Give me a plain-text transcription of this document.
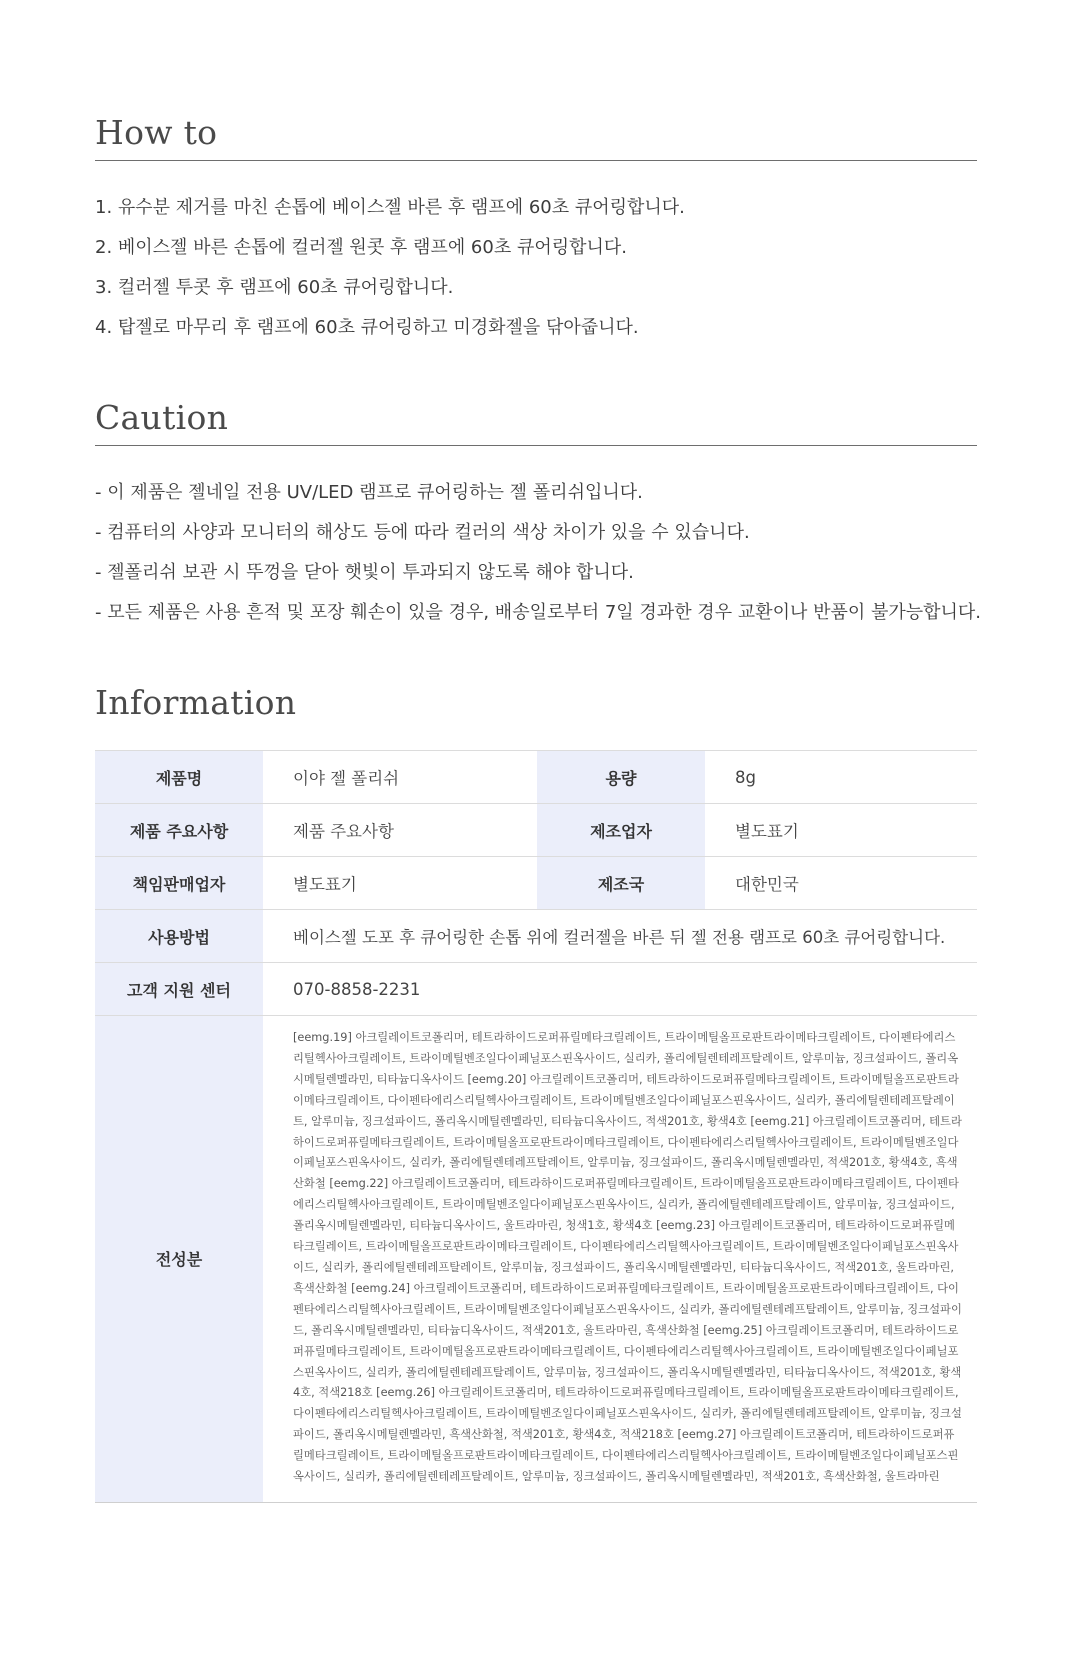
How to
1. 유수분 제거를 마친 손톱에 베이스젤 바른 후 램프에 60초 큐어링합니다.
2. 베이스젤 바른 손톱에 컬러젤 원콧 후 램프에 60초 큐어링합니다.
3. 컬러젤 투콧 후 램프에 60초 큐어링합니다.
4. 탑젤로 마무리 후 램프에 60초 큐어링하고 미경화젤을 닦아줍니다.
Caution
- 이 제품은 젤네일 전용 UV/LED 램프로 큐어링하는 젤 폴리쉬입니다.
- 컴퓨터의 사양과 모니터의 해상도 등에 따라 컬러의 색상 차이가 있을 수 있습니다.
- 젤폴리쉬 보관 시 뚜껑을 닫아 햇빛이 투과되지 않도록 해야 합니다.
- 모든 제품은 사용 흔적 및 포장 훼손이 있을 경우, 배송일로부터 7일 경과한 경우 교환이나 반품이 불가능합니다.
Information
제품명	이야 젤 폴리쉬	용량	8g
제품 주요사항	제품 주요사항	제조업자	별도표기
책임판매업자	별도표기	제조국	대한민국
사용방법	베이스젤 도포 후 큐어링한 손톱 위에 컬러젤을 바른 뒤 젤 전용 램프로 60초 큐어링합니다.		
고객 지원 센터	070-8858-2231		
전성분	[eemg.19] 아크릴레이트코폴리머, 테트라하이드로퍼퓨릴메타크릴레이트, 트라이메틸올프로판트라이메타크릴레이트, 다이펜타에리스리틸헥사아크릴레이트, 트라이메틸벤조일다이페닐포스핀옥사이드, 실리카, 폴리에틸렌테레프탈레이트, 알루미늄, 징크설파이드, 폴리옥시메틸렌멜라민, 티타늄디옥사이드 [eemg.20] 아크릴레이트코폴리머, 테트라하이드로퍼퓨릴메타크릴레이트, 트라이메틸올프로판트라이메타크릴레이트, 다이펜타에리스리틸헥사아크릴레이트, 트라이메틸벤조일다이페닐포스핀옥사이드, 실리카, 폴리에틸렌테레프탈레이트, 알루미늄, 징크설파이드, 폴리옥시메틸렌멜라민, 티타늄디옥사이드, 적색201호, 황색4호 [eemg.21] 아크릴레이트코폴리머, 테트라하이드로퍼퓨릴메타크릴레이트, 트라이메틸올프로판트라이메타크릴레이트, 다이펜타에리스리틸헥사아크릴레이트, 트라이메틸벤조일다이페닐포스핀옥사이드, 실리카, 폴리에틸렌테레프탈레이트, 알루미늄, 징크설파이드, 폴리옥시메틸렌멜라민, 적색201호, 황색4호, 흑색산화철 [eemg.22] 아크릴레이트코폴리머, 테트라하이드로퍼퓨릴메타크릴레이트, 트라이메틸올프로판트라이메타크릴레이트, 다이펜타에리스리틸헥사아크릴레이트, 트라이메틸벤조일다이페닐포스핀옥사이드, 실리카, 폴리에틸렌테레프탈레이트, 알루미늄, 징크설파이드, 폴리옥시메틸렌멜라민, 티타늄디옥사이드, 울트라마린, 청색1호, 황색4호 [eemg.23] 아크릴레이트코폴리머, 테트라하이드로퍼퓨릴메타크릴레이트, 트라이메틸올프로판트라이메타크릴레이트, 다이펜타에리스리틸헥사아크릴레이트, 트라이메틸벤조일다이페닐포스핀옥사이드, 실리카, 폴리에틸렌테레프탈레이트, 알루미늄, 징크설파이드, 폴리옥시메틸렌멜라민, 티타늄디옥사이드, 적색201호, 울트라마린, 흑색산화철 [eemg.24] 아크릴레이트코폴리머, 테트라하이드로퍼퓨릴메타크릴레이트, 트라이메틸올프로판트라이메타크릴레이트, 다이펜타에리스리틸헥사아크릴레이트, 트라이메틸벤조일다이페닐포스핀옥사이드, 실리카, 폴리에틸렌테레프탈레이트, 알루미늄, 징크설파이드, 폴리옥시메틸렌멜라민, 티타늄디옥사이드, 적색201호, 울트라마린, 흑색산화철 [eemg.25] 아크릴레이트코폴리머, 테트라하이드로퍼퓨릴메타크릴레이트, 트라이메틸올프로판트라이메타크릴레이트, 다이펜타에리스리틸헥사아크릴레이트, 트라이메틸벤조일다이페닐포스핀옥사이드, 실리카, 폴리에틸렌테레프탈레이트, 알루미늄, 징크설파이드, 폴리옥시메틸렌멜라민, 티타늄디옥사이드, 적색201호, 황색4호, 적색218호 [eemg.26] 아크릴레이트코폴리머, 테트라하이드로퍼퓨릴메타크릴레이트, 트라이메틸올프로판트라이메타크릴레이트, 다이펜타에리스리틸헥사아크릴레이트, 트라이메틸벤조일다이페닐포스핀옥사이드, 실리카, 폴리에틸렌테레프탈레이트, 알루미늄, 징크설파이드, 폴리옥시메틸렌멜라민, 흑색산화철, 적색201호, 황색4호, 적색218호 [eemg.27] 아크릴레이트코폴리머, 테트라하이드로퍼퓨릴메타크릴레이트, 트라이메틸올프로판트라이메타크릴레이트, 다이펜타에리스리틸헥사아크릴레이트, 트라이메틸벤조일다이페닐포스핀옥사이드, 실리카, 폴리에틸렌테레프탈레이트, 알루미늄, 징크설파이드, 폴리옥시메틸렌멜라민, 적색201호, 흑색산화철, 울트라마린		
